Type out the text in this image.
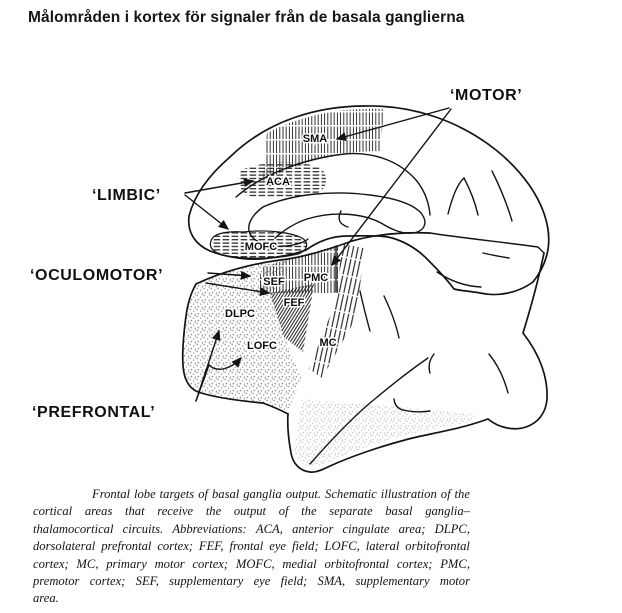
Målområden i kortex för signaler från de basala ganglierna
‘MOTOR’
‘LIMBIC’
‘OCULOMOTOR’
‘PREFRONTAL’
SMA
ACA
MOFC
SEF PMC
FEF
DLPC
LOFC	MC
Frontal lobe targets of basal ganglia output. Schematic illustration of the
cortical areas that receive the output of the separate basal ganglia–
thalamocortical circuits. Abbreviations: ACA, anterior cingulate area; DLPC,
dorsolateral prefrontal cortex; FEF, frontal eye field; LOFC, lateral orbitofrontal
cortex; MC, primary motor cortex; MOFC, medial orbitofrontal cortex; PMC,
premotor cortex; SEF, supplementary eye field; SMA, supplementary motor
area.
